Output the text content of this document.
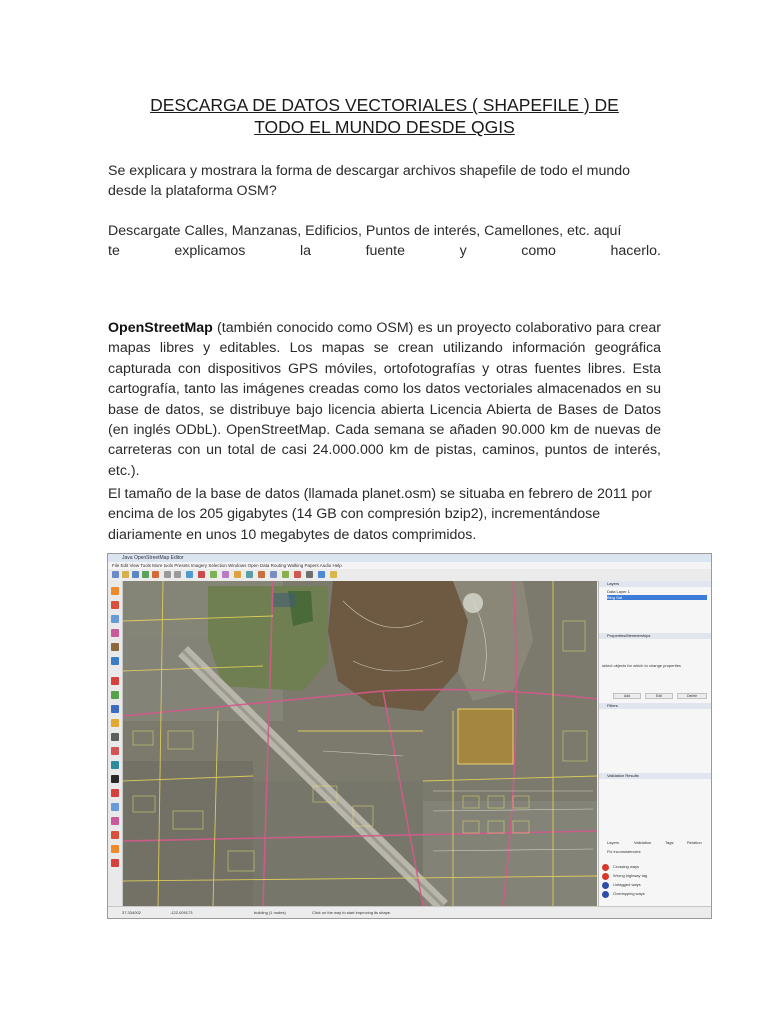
DESCARGA DE DATOS VECTORIALES ( SHAPEFILE ) DE
TODO EL MUNDO DESDE QGIS

Se explicara y mostrara la forma de descargar archivos shapefile de todo el mundo desde la plataforma OSM?

Descargate Calles, Manzanas, Edificios, Puntos de interés, Camellones, etc. aquí
te explicamos la fuente y como hacerlo.

OpenStreetMap (también conocido como OSM) es un proyecto colaborativo para crear mapas libres y editables. Los mapas se crean utilizando información geográfica capturada con dispositivos GPS móviles, ortofotografías y otras fuentes libres. Esta cartografía, tanto las imágenes creadas como los datos vectoriales almacenados en su base de datos, se distribuye bajo licencia abierta Licencia Abierta de Bases de Datos (en inglés ODbL). OpenStreetMap. Cada semana se añaden 90.000 km de nuevas de carreteras con un total de casi 24.000.000 km de pistas, caminos, puntos de interés, etc.).

El tamaño de la base de datos (llamada planet.osm) se situaba en febrero de 2011 por encima de los 205 gigabytes (14 GB con compresión bzip2), incrementándose diariamente en unos 10 megabytes de datos comprimidos.

Java OpenStreetMap Editor
File Edit View Tools More tools Presets Imagery Selection Windows Open Data Routing Walking Papers Audio Help
Layers
Data Layer 1
Bing Sat
Properties/Memberships
select objects for which to change properties
Add	Edit	Delete
Filters
Validation Results
Layers	Validation	Tags	Relation
Fix inconsistencies
Crossing ways
Wrong highway tag
Untagged ways
Overlapping ways
37.334002	-122.009173	building (1 nodes)	Click on the way to start improving its shape.
